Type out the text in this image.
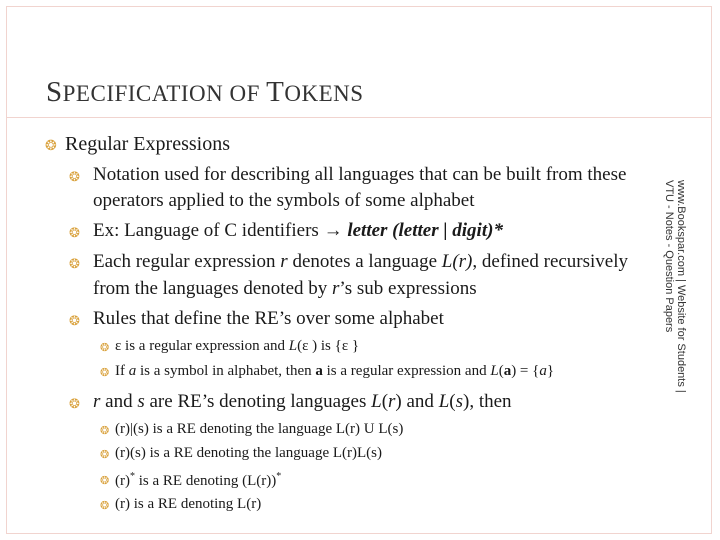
SPECIFICATION OF TOKENS
❂ Regular Expressions
❂ Notation used for describing all languages that can be built from these
operators applied to the symbols of some alphabet
❂ Ex: Language of C identifiers → letter (letter | digit)*
❂ Each regular expression r denotes a language L(r), defined recursively
from the languages denoted by r’s sub expressions
❂ Rules that define the RE’s over some alphabet
❂ ε is a regular expression and L(ε ) is {ε }
❂ If a is a symbol in alphabet, then a is a regular expression and L(a) = {a}
❂ r and s are RE’s denoting languages L(r) and L(s), then
❂ (r)|(s) is a RE denoting the language L(r) U L(s)
❂ (r)(s) is a RE denoting the language L(r)L(s)
❂ (r)* is a RE denoting (L(r))*
❂ (r) is a RE denoting L(r)
www.Bookspar.com | Website for Students |
VTU - Notes - Question Papers
